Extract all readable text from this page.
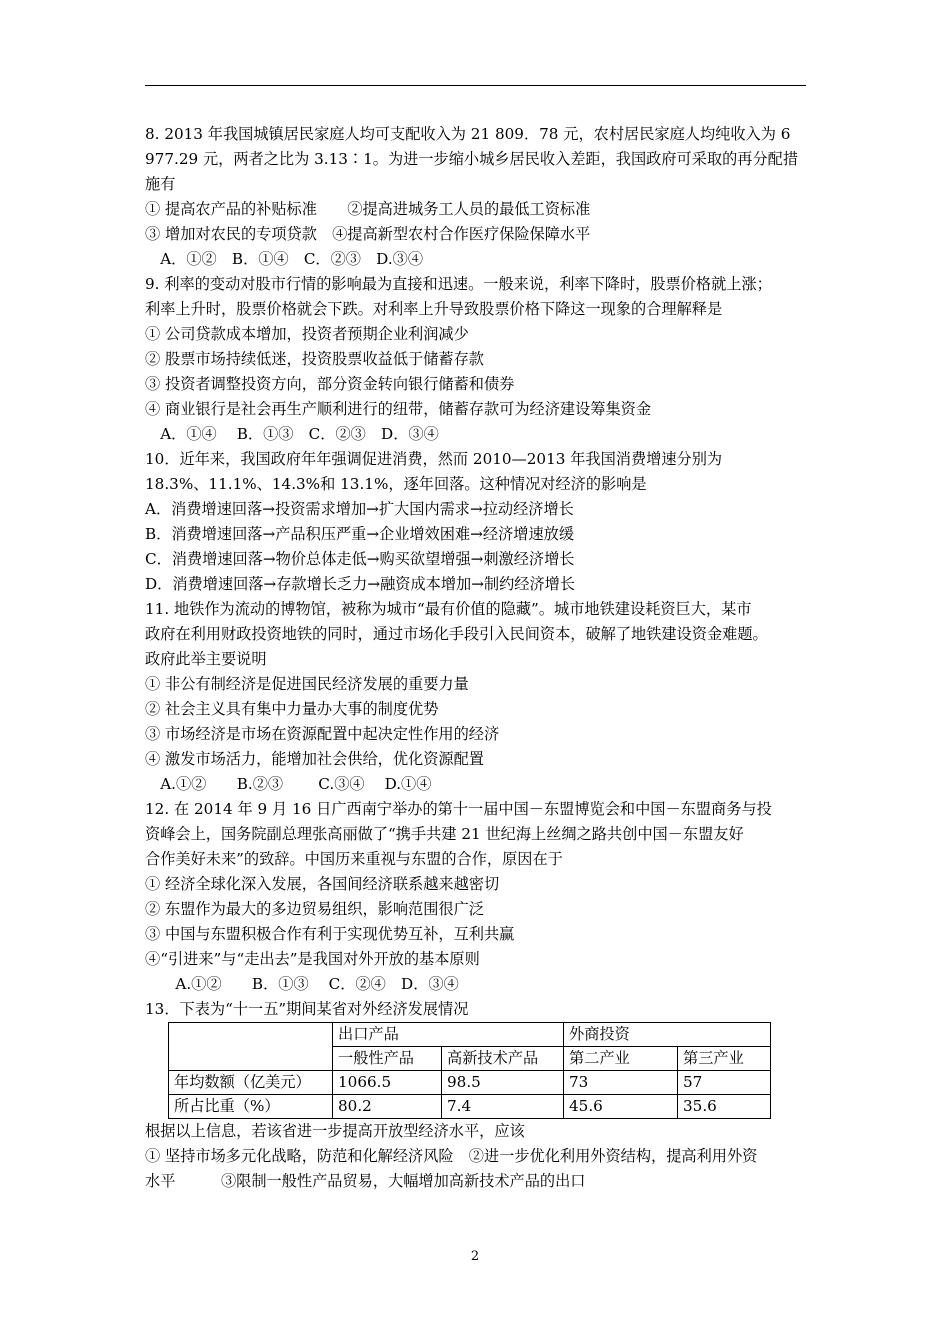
8. 2013 年我国城镇居民家庭人均可支配收入为 21 809．78 元，农村居民家庭人均纯收入为 6
977.29 元，两者之比为 3.13∶1。为进一步缩小城乡居民收入差距，我国政府可采取的再分配措
施有
① 提高农产品的补贴标准　　②提高进城务工人员的最低工资标准
③ 增加对农民的专项贷款　④提高新型农村合作医疗保险保障水平
　A．①②　B．①④　C．②③　D.③④
9. 利率的变动对股市行情的影响最为直接和迅速。一般来说，利率下降时，股票价格就上涨；
利率上升时，股票价格就会下跌。对利率上升导致股票价格下降这一现象的合理解释是
① 公司贷款成本增加，投资者预期企业利润减少
② 股票市场持续低迷，投资股票收益低于储蓄存款
③ 投资者调整投资方向，部分资金转向银行储蓄和债券
④ 商业银行是社会再生产顺利进行的纽带，储蓄存款可为经济建设筹集资金
　A．①④　 B．①③　C．②③　D．③④
10．近年来，我国政府年年强调促进消费，然而 2010—2013 年我国消费增速分别为
18.3%、11.1%、14.3%和 13.1%，逐年回落。这种情况对经济的影响是
A．消费增速回落→投资需求增加→扩大国内需求→拉动经济增长
B．消费增速回落→产品积压严重→企业增效困难→经济增速放缓
C．消费增速回落→物价总体走低→购买欲望增强→刺激经济增长
D．消费增速回落→存款增长乏力→融资成本增加→制约经济增长
11. 地铁作为流动的博物馆，被称为城市“最有价值的隐藏”。城市地铁建设耗资巨大，某市
政府在利用财政投资地铁的同时，通过市场化手段引入民间资本，破解了地铁建设资金难题。
政府此举主要说明
① 非公有制经济是促进国民经济发展的重要力量
② 社会主义具有集中力量办大事的制度优势
③ 市场经济是市场在资源配置中起决定性作用的经济
④ 激发市场活力，能增加社会供给，优化资源配置
　A.①②　　B.②③　　 C.③④　 D.①④
12. 在 2014 年 9 月 16 日广西南宁举办的第十一届中国－东盟博览会和中国－东盟商务与投
资峰会上，国务院副总理张高丽做了“携手共建 21 世纪海上丝绸之路共创中国－东盟友好
合作美好未来”的致辞。中国历来重视与东盟的合作，原因在于
① 经济全球化深入发展，各国间经济联系越来越密切
② 东盟作为最大的多边贸易组织，影响范围很广泛
③ 中国与东盟积极合作有利于实现优势互补，互利共赢
④“引进来”与“走出去”是我国对外开放的基本原则
　　A.①②　　B．①③　 C．②④　D．③④
13．下表为“十一五”期间某省对外经济发展情况
	出口产品		外商投资	
	一般性产品	高新技术产品	第二产业	第三产业
年均数额（亿美元）	1066.5	98.5	73	57
所占比重（%）	80.2	7.4	45.6	35.6
根据以上信息，若该省进一步提高开放型经济水平，应该
① 坚持市场多元化战略，防范和化解经济风险　②进一步优化利用外资结构，提高利用外资
水平　　　③限制一般性产品贸易，大幅增加高新技术产品的出口
2
